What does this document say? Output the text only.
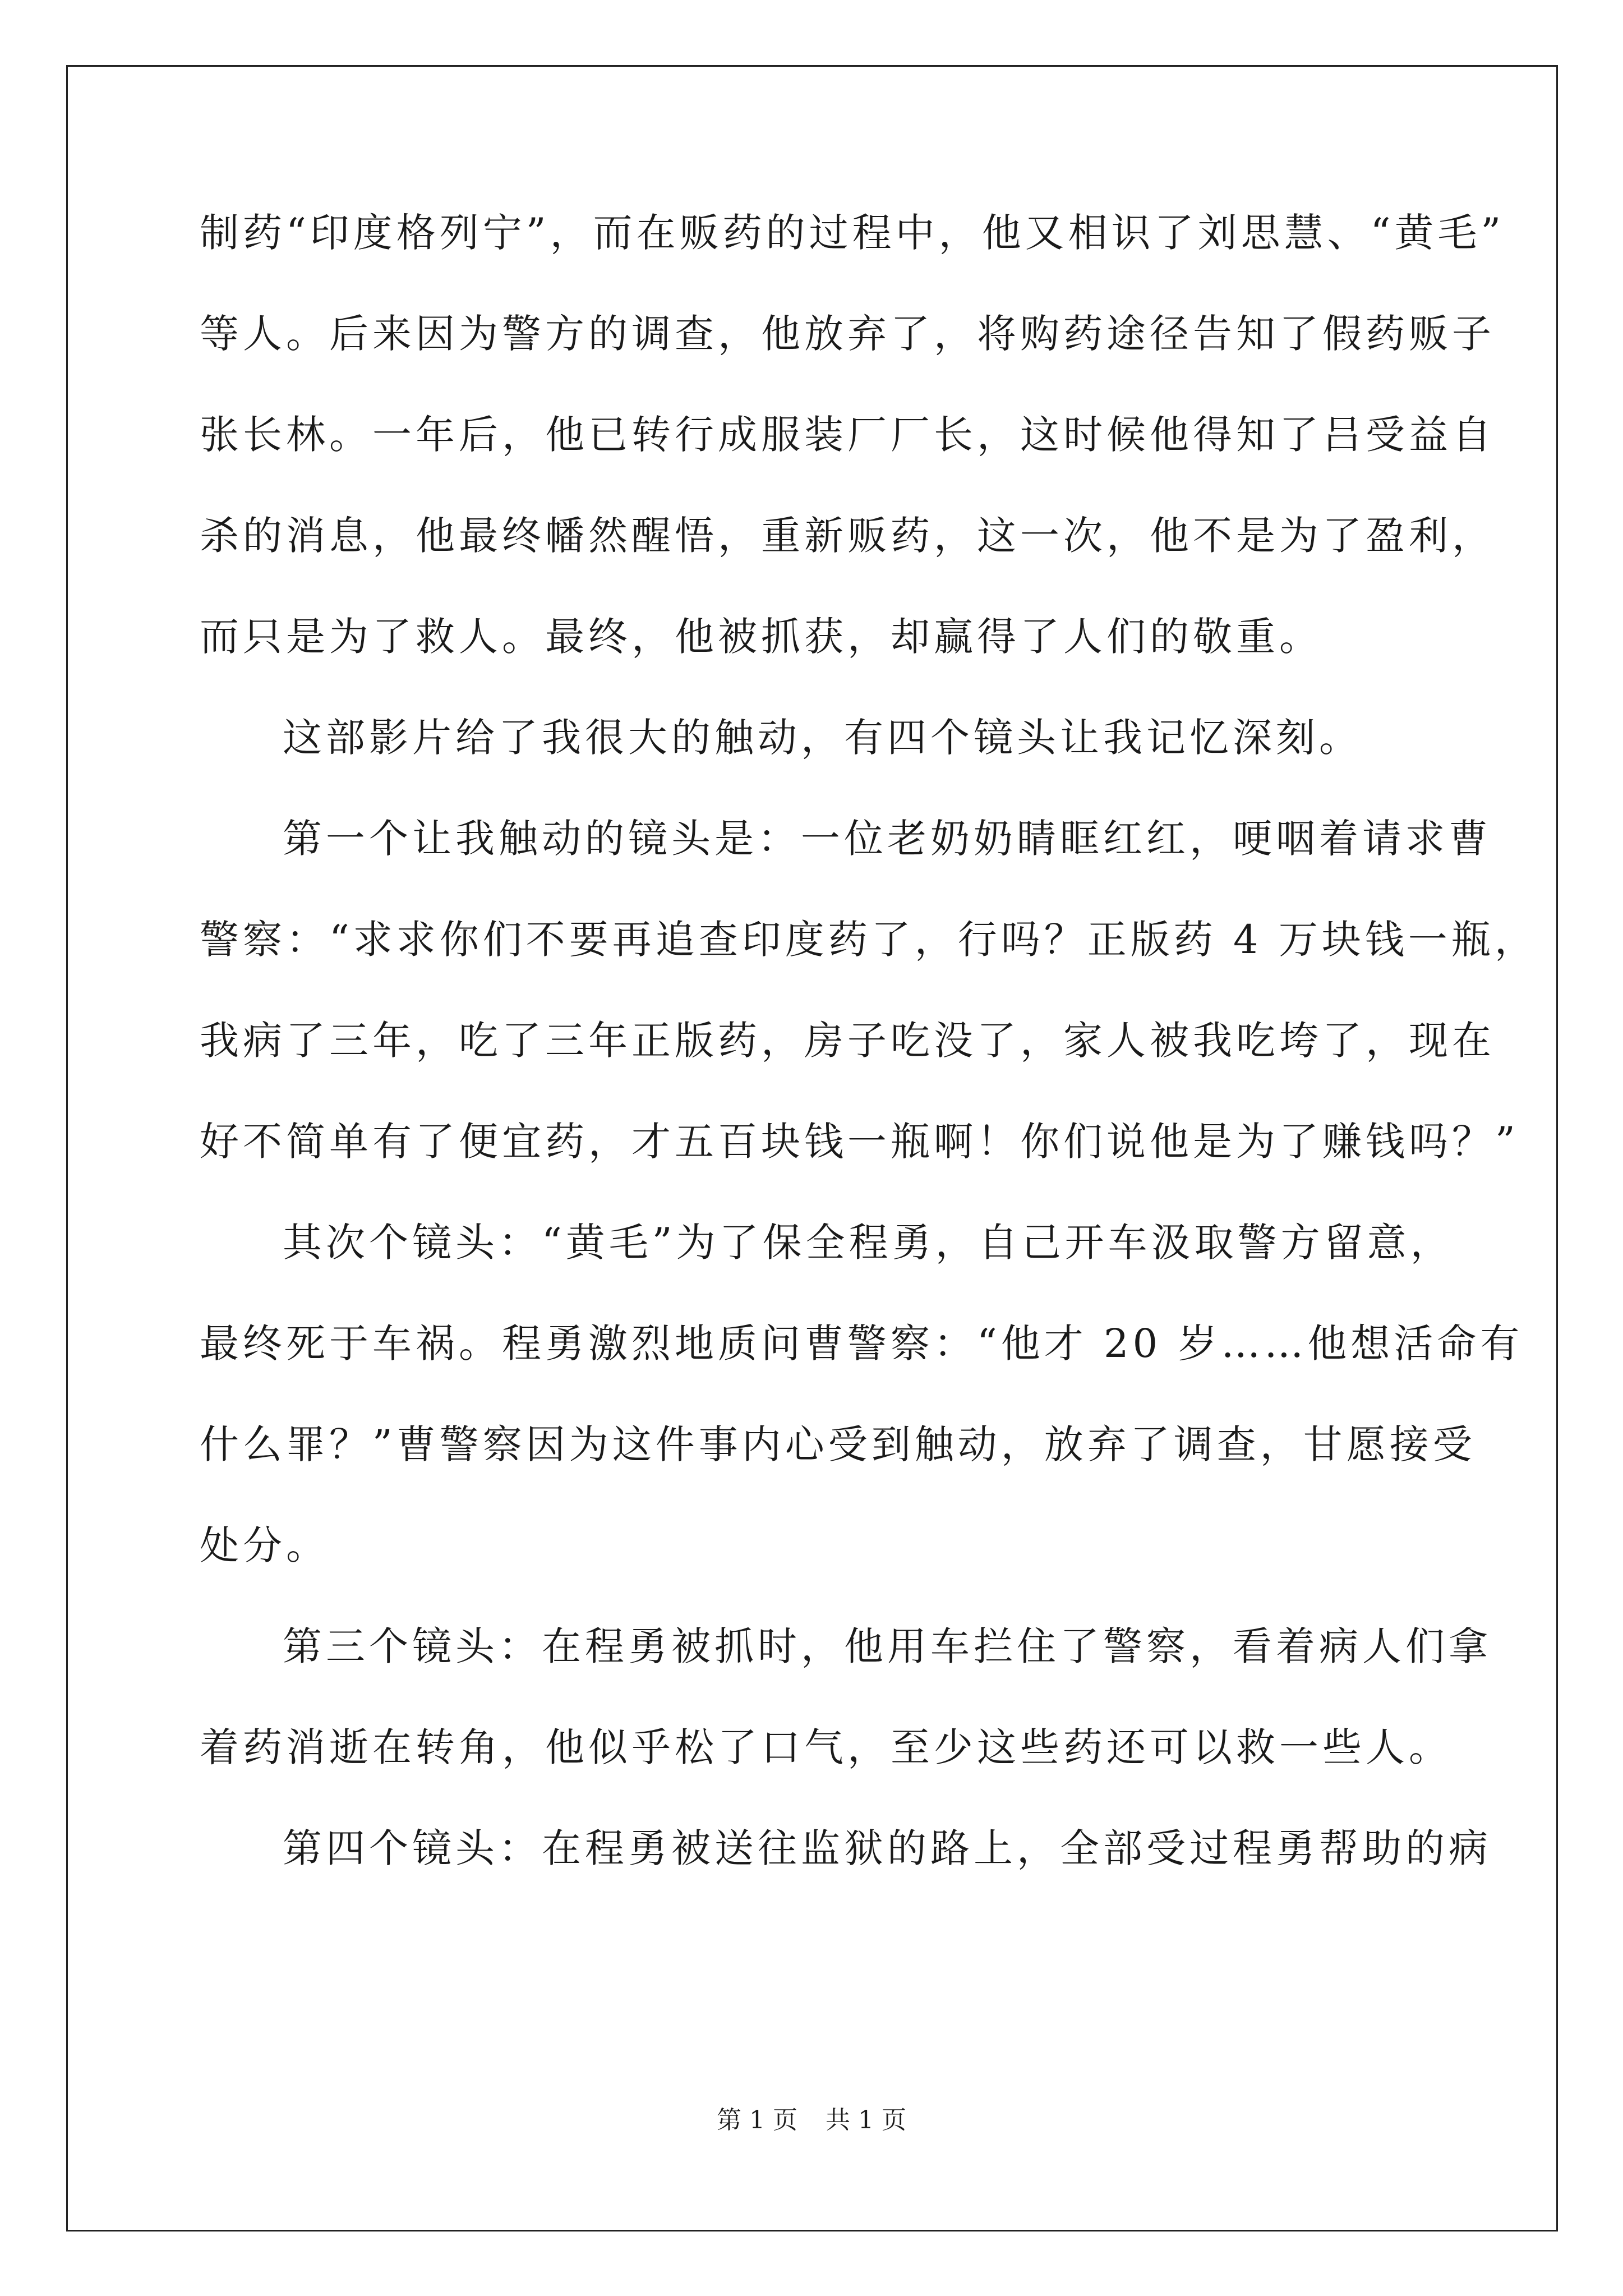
制药“印度格列宁”，而在贩药的过程中，他又相识了刘思慧、“黄毛”
等人。后来因为警方的调查，他放弃了，将购药途径告知了假药贩子
张长林。一年后，他已转行成服装厂厂长，这时候他得知了吕受益自
杀的消息，他最终幡然醒悟，重新贩药，这一次，他不是为了盈利，
而只是为了救人。最终，他被抓获，却赢得了人们的敬重。
这部影片给了我很大的触动，有四个镜头让我记忆深刻。
第一个让我触动的镜头是：一位老奶奶睛眶红红，哽咽着请求曹
警察：“求求你们不要再追查印度药了，行吗？正版药 4 万块钱一瓶，
我病了三年，吃了三年正版药，房子吃没了，家人被我吃垮了，现在
好不简单有了便宜药，才五百块钱一瓶啊！你们说他是为了赚钱吗？”
其次个镜头：“黄毛”为了保全程勇，自己开车汲取警方留意，
最终死于车祸。程勇激烈地质问曹警察：“他才 20 岁……他想活命有
什么罪？”曹警察因为这件事内心受到触动，放弃了调查，甘愿接受
处分。
第三个镜头：在程勇被抓时，他用车拦住了警察，看着病人们拿
着药消逝在转角，他似乎松了口气，至少这些药还可以救一些人。
第四个镜头：在程勇被送往监狱的路上，全部受过程勇帮助的病
第 1 页 共 1 页
